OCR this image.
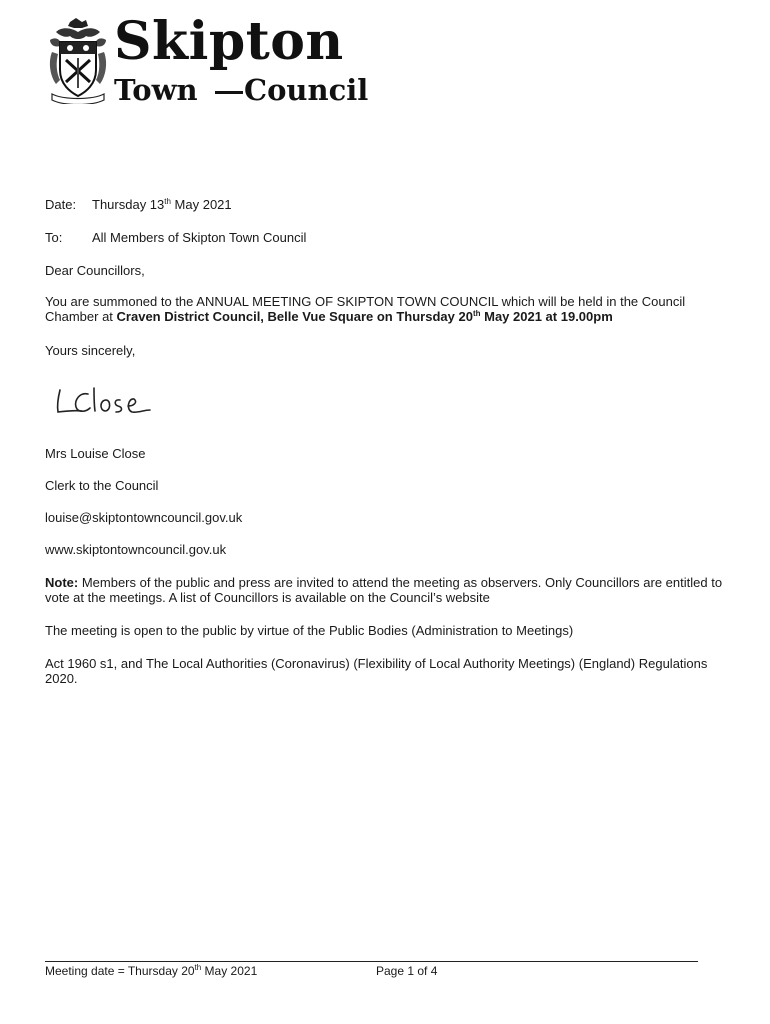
Skipton
Town Council
Date: Thursday 13th May 2021
To: All Members of Skipton Town Council
Dear Councillors,
You are summoned to the ANNUAL MEETING OF SKIPTON TOWN COUNCIL which will be held in the Council Chamber at Craven District Council, Belle Vue Square on Thursday 20th May 2021 at 19.00pm
Yours sincerely,
Mrs Louise Close
Clerk to the Council
louise@skiptontowncouncil.gov.uk
www.skiptontowncouncil.gov.uk
Note: Members of the public and press are invited to attend the meeting as observers. Only Councillors are entitled to vote at the meetings. A list of Councillors is available on the Council’s website
The meeting is open to the public by virtue of the Public Bodies (Administration to Meetings)
Act 1960 s1, and The Local Authorities (Coronavirus) (Flexibility of Local Authority Meetings) (England) Regulations 2020.
Meeting date = Thursday 20th May 2021	Page 1 of 4
